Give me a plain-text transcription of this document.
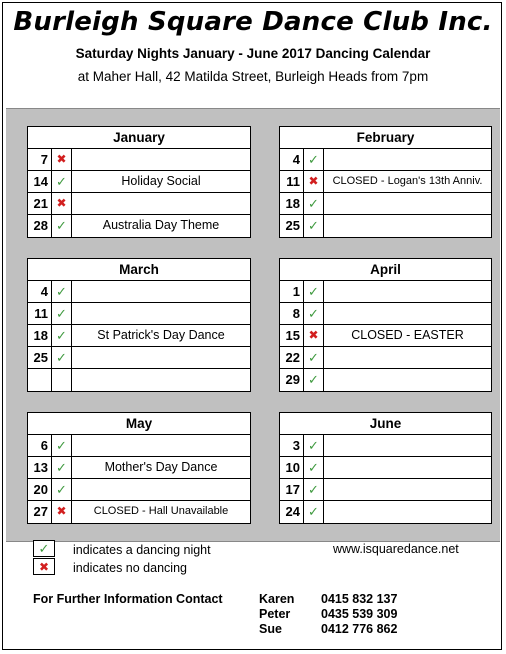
Burleigh Square Dance Club Inc.
Saturday Nights January - June 2017 Dancing Calendar
at Maher Hall, 42 Matilda Street, Burleigh Heads from 7pm
January
7 ✖
14 ✓	Holiday Social
21 ✖
28 ✓	Australia Day Theme
February
4 ✓
11 ✖	CLOSED - Logan's 13th Anniv.
18 ✓
25 ✓
March
4 ✓
11 ✓
18 ✓	St Patrick's Day Dance
25 ✓
April
1 ✓
8 ✓
15 ✖	CLOSED - EASTER
22 ✓
29 ✓
May
6 ✓
13 ✓	Mother's Day Dance
20 ✓
27 ✖	CLOSED - Hall Unavailable
June
3 ✓
10 ✓
17 ✓
24 ✓
✓	indicates a dancing night
✖	indicates no dancing
www.isquaredance.net
For Further Information Contact	Karen 0415 832 137
Peter 0435 539 309
Sue	0412 776 862
